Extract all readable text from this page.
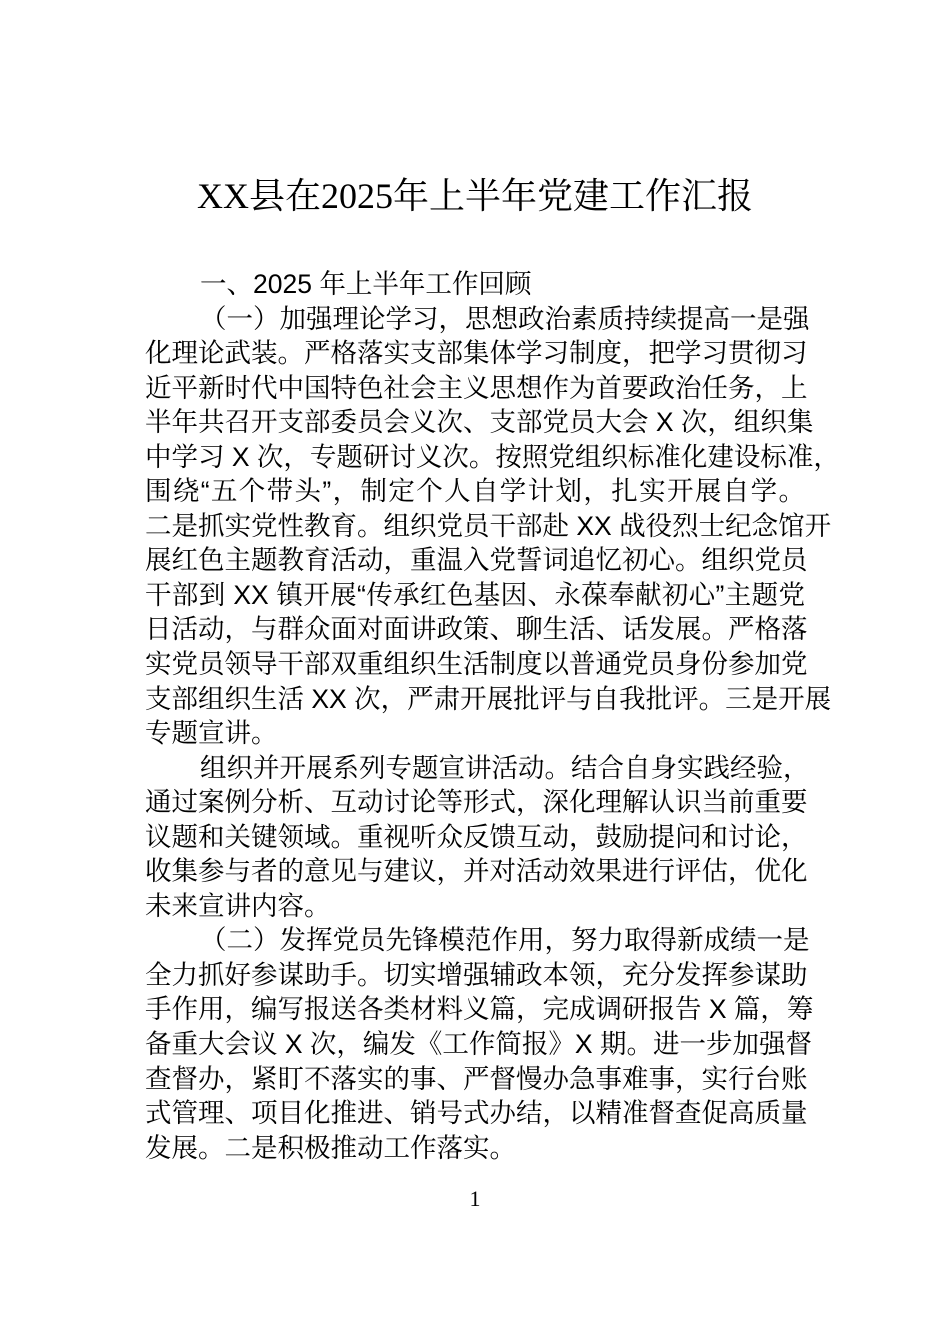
XX县在2025年上半年党建工作汇报
一、2025 年上半年工作回顾
（一）加强理论学习，思想政治素质持续提高一是强
化理论武装。严格落实支部集体学习制度，把学习贯彻习
近平新时代中国特色社会主义思想作为首要政治任务，上
半年共召开支部委员会义次、支部党员大会 X 次，组织集
中学习 X 次，专题研讨义次。按照党组织标准化建设标准，
围绕“五个带头”，制定个人自学计划，扎实开展自学。
二是抓实党性教育。组织党员干部赴 XX 战役烈士纪念馆开
展红色主题教育活动，重温入党誓词追忆初心。组织党员
干部到 XX 镇开展“传承红色基因、永葆奉献初心”主题党
日活动，与群众面对面讲政策、聊生活、话发展。严格落
实党员领导干部双重组织生活制度以普通党员身份参加党
支部组织生活 XX 次，严肃开展批评与自我批评。三是开展
专题宣讲。
组织并开展系列专题宣讲活动。结合自身实践经验，
通过案例分析、互动讨论等形式，深化理解认识当前重要
议题和关键领域。重视听众反馈互动，鼓励提问和讨论，
收集参与者的意见与建议，并对活动效果进行评估，优化
未来宣讲内容。
（二）发挥党员先锋模范作用，努力取得新成绩一是
全力抓好参谋助手。切实增强辅政本领，充分发挥参谋助
手作用，编写报送各类材料义篇，完成调研报告 X 篇，筹
备重大会议 X 次，编发《工作简报》X 期。进一步加强督
查督办，紧盯不落实的事、严督慢办急事难事，实行台账
式管理、项目化推进、销号式办结，以精准督查促高质量
发展。二是积极推动工作落实。
1
